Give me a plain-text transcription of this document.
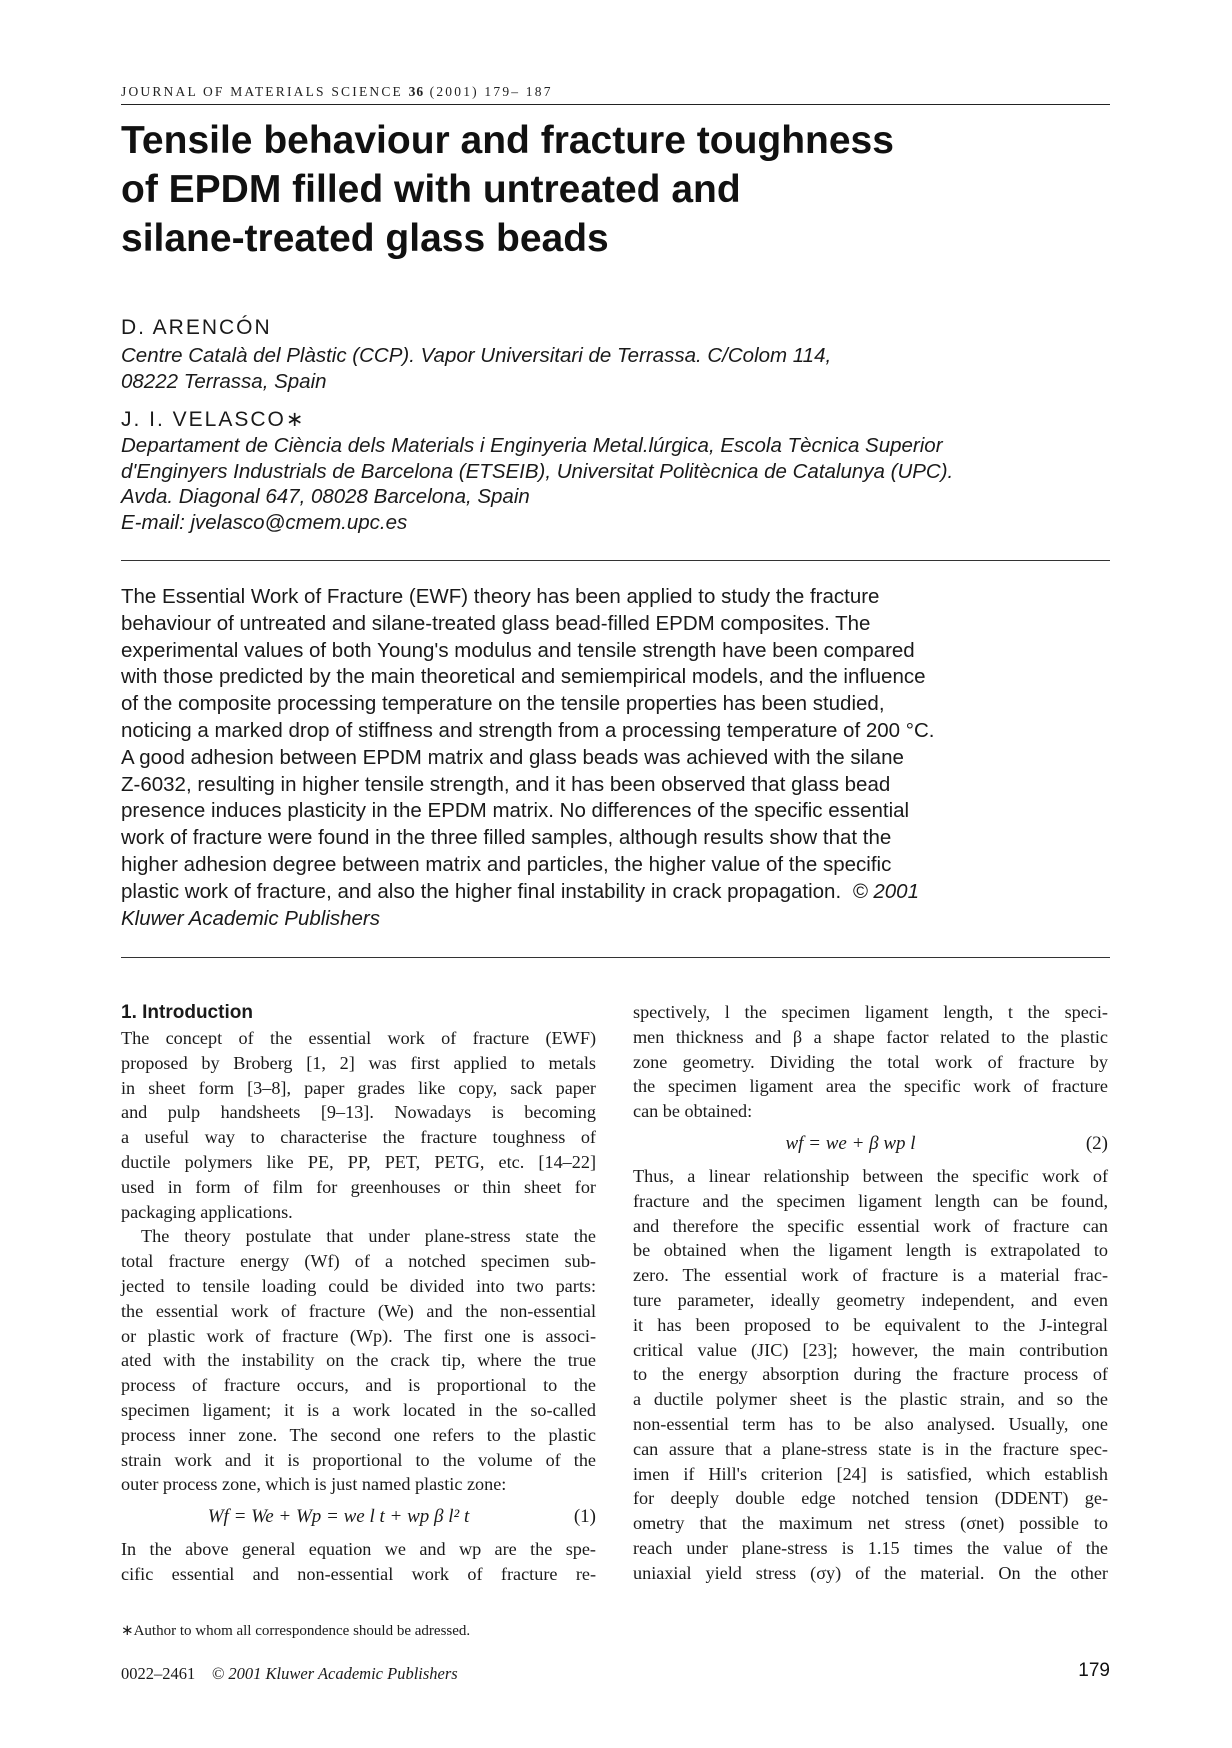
JOURNAL OF MATERIALS SCIENCE 36 (2001) 179– 187
Tensile behaviour and fracture toughness
of EPDM filled with untreated and
silane-treated glass beads
D. ARENCÓN
Centre Català del Plàstic (CCP). Vapor Universitari de Terrassa. C/Colom 114,
08222 Terrassa, Spain
J. I. VELASCO∗
Departament de Ciència dels Materials i Enginyeria Metal.lúrgica, Escola Tècnica Superior
d'Enginyers Industrials de Barcelona (ETSEIB), Universitat Politècnica de Catalunya (UPC).
Avda. Diagonal 647, 08028 Barcelona, Spain
E-mail: jvelasco@cmem.upc.es
The Essential Work of Fracture (EWF) theory has been applied to study the fracture
behaviour of untreated and silane-treated glass bead-filled EPDM composites. The
experimental values of both Young's modulus and tensile strength have been compared
with those predicted by the main theoretical and semiempirical models, and the influence
of the composite processing temperature on the tensile properties has been studied,
noticing a marked drop of stiffness and strength from a processing temperature of 200 °C.
A good adhesion between EPDM matrix and glass beads was achieved with the silane
Z-6032, resulting in higher tensile strength, and it has been observed that glass bead
presence induces plasticity in the EPDM matrix. No differences of the specific essential
work of fracture were found in the three filled samples, although results show that the
higher adhesion degree between matrix and particles, the higher value of the specific
plastic work of fracture, and also the higher final instability in crack propagation. © 2001
Kluwer Academic Publishers
1. Introduction
The concept of the essential work of fracture (EWF)
proposed by Broberg [1, 2] was first applied to metals
in sheet form [3–8], paper grades like copy, sack paper
and pulp handsheets [9–13]. Nowadays is becoming
a useful way to characterise the fracture toughness of
ductile polymers like PE, PP, PET, PETG, etc. [14–22]
used in form of film for greenhouses or thin sheet for
packaging applications.
The theory postulate that under plane-stress state the
total fracture energy (Wf) of a notched specimen sub-
jected to tensile loading could be divided into two parts:
the essential work of fracture (We) and the non-essential
or plastic work of fracture (Wp). The first one is associ-
ated with the instability on the crack tip, where the true
process of fracture occurs, and is proportional to the
specimen ligament; it is a work located in the so-called
process inner zone. The second one refers to the plastic
strain work and it is proportional to the volume of the
outer process zone, which is just named plastic zone:
Wf = We + Wp = we l t + wp β l² t	(1)
In the above general equation we and wp are the spe-
cific essential and non-essential work of fracture re-
spectively, l the specimen ligament length, t the speci-
men thickness and β a shape factor related to the plastic
zone geometry. Dividing the total work of fracture by
the specimen ligament area the specific work of fracture
can be obtained:
wf = we + β wp l	(2)
Thus, a linear relationship between the specific work of
fracture and the specimen ligament length can be found,
and therefore the specific essential work of fracture can
be obtained when the ligament length is extrapolated to
zero. The essential work of fracture is a material frac-
ture parameter, ideally geometry independent, and even
it has been proposed to be equivalent to the J-integral
critical value (JIC) [23]; however, the main contribution
to the energy absorption during the fracture process of
a ductile polymer sheet is the plastic strain, and so the
non-essential term has to be also analysed. Usually, one
can assure that a plane-stress state is in the fracture spec-
imen if Hill's criterion [24] is satisfied, which establish
for deeply double edge notched tension (DDENT) ge-
ometry that the maximum net stress (σnet) possible to
reach under plane-stress is 1.15 times the value of the
uniaxial yield stress (σy) of the material. On the other
∗Author to whom all correspondence should be adressed.
0022–2461 © 2001 Kluwer Academic Publishers	179
